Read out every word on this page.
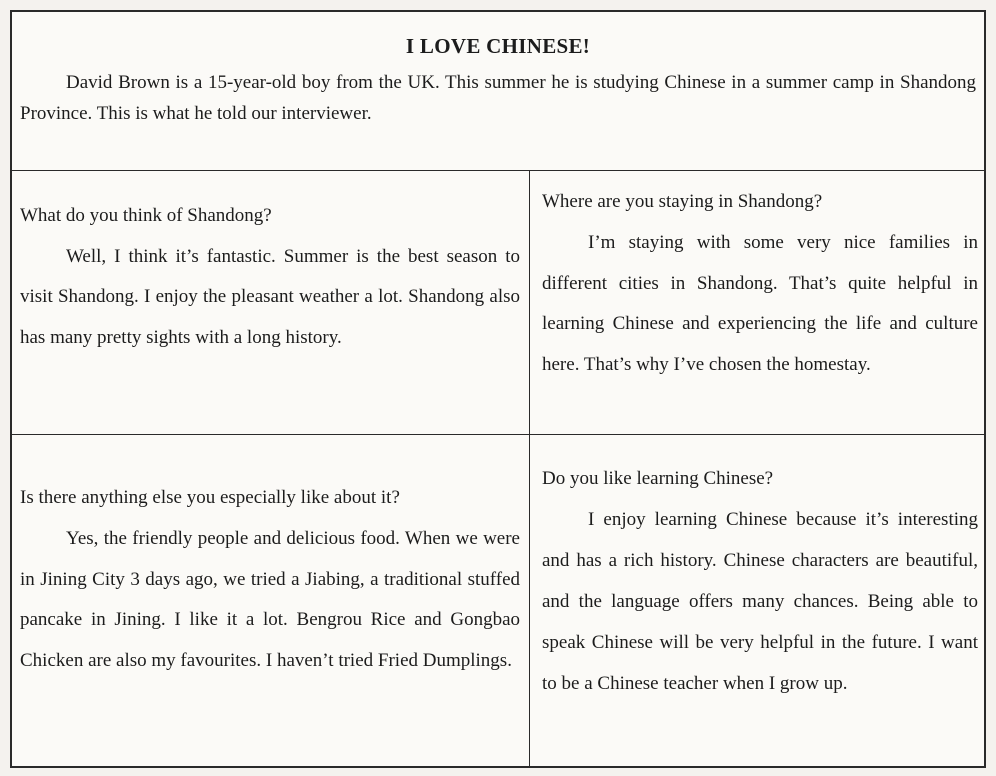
I LOVE CHINESE!

David Brown is a 15-year-old boy from the UK. This summer he is studying Chinese in a summer camp in Shandong Province. This is what he told our interviewer.

What do you think of Shandong?

Well, I think it’s fantastic. Summer is the best season to visit Shandong. I enjoy the pleasant weather a lot. Shandong also has many pretty sights with a long history.

Where are you staying in Shandong?

I’m staying with some very nice families in different cities in Shandong. That’s quite helpful in learning Chinese and experiencing the life and culture here. That’s why I’ve chosen the homestay.

Is there anything else you especially like about it?

Yes, the friendly people and delicious food. When we were in Jining City 3 days ago, we tried a Jiabing, a traditional stuffed pancake in Jining. I like it a lot. Bengrou Rice and Gongbao Chicken are also my favourites. I haven’t tried Fried Dumplings.

Do you like learning Chinese?

I enjoy learning Chinese because it’s interesting and has a rich history. Chinese characters are beautiful, and the language offers many chances. Being able to speak Chinese will be very helpful in the future. I want to be a Chinese teacher when I grow up.
